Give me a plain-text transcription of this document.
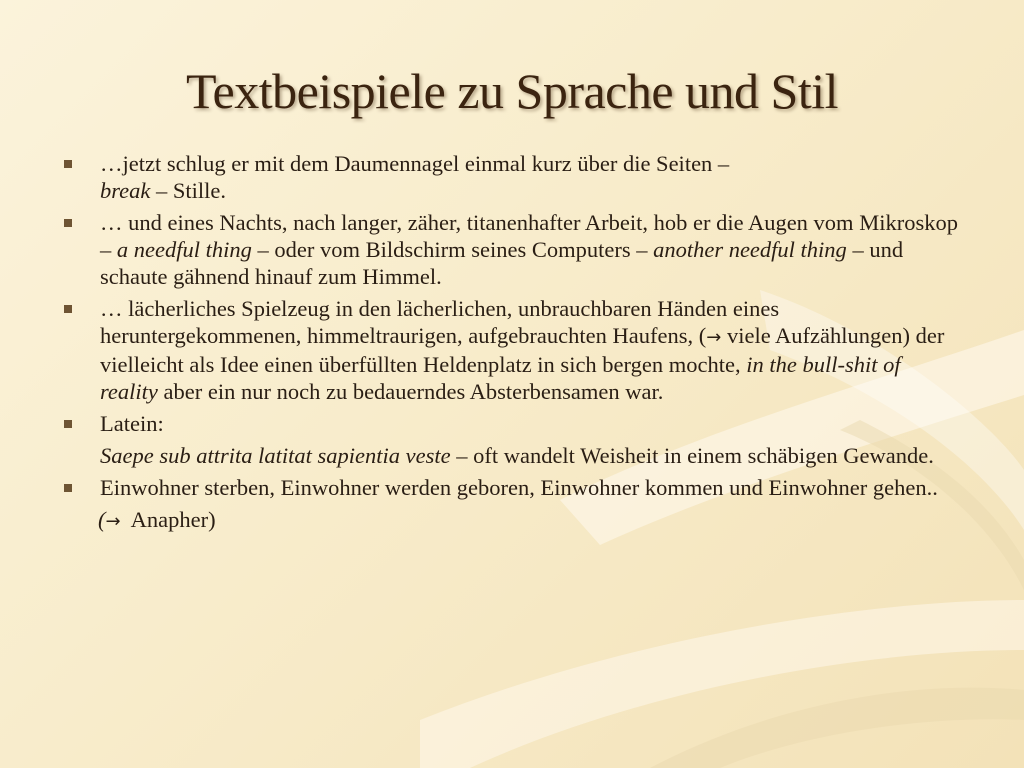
Textbeispiele zu Sprache und Stil
…jetzt schlug er mit dem Daumennagel einmal kurz über die Seiten –
break – Stille.
… und eines Nachts, nach langer, zäher, titanenhafter Arbeit, hob er die Augen vom Mikroskop – a needful thing – oder vom Bildschirm seines Computers – another needful thing – und schaute gähnend hinauf zum Himmel.
… lächerliches Spielzeug in den lächerlichen, unbrauchbaren Händen eines heruntergekommenen, himmeltraurigen, aufgebrauchten Haufens, (→ viele Aufzählungen) der vielleicht als Idee einen überfüllten Heldenplatz in sich bergen mochte, in the bull-shit of reality aber ein nur noch zu bedauerndes Absterbensamen war.
Latein:
Saepe sub attrita latitat sapientia veste – oft wandelt Weisheit in einem schäbigen Gewande.
Einwohner sterben, Einwohner werden geboren, Einwohner kommen und Einwohner gehen..
(→  Anapher)
